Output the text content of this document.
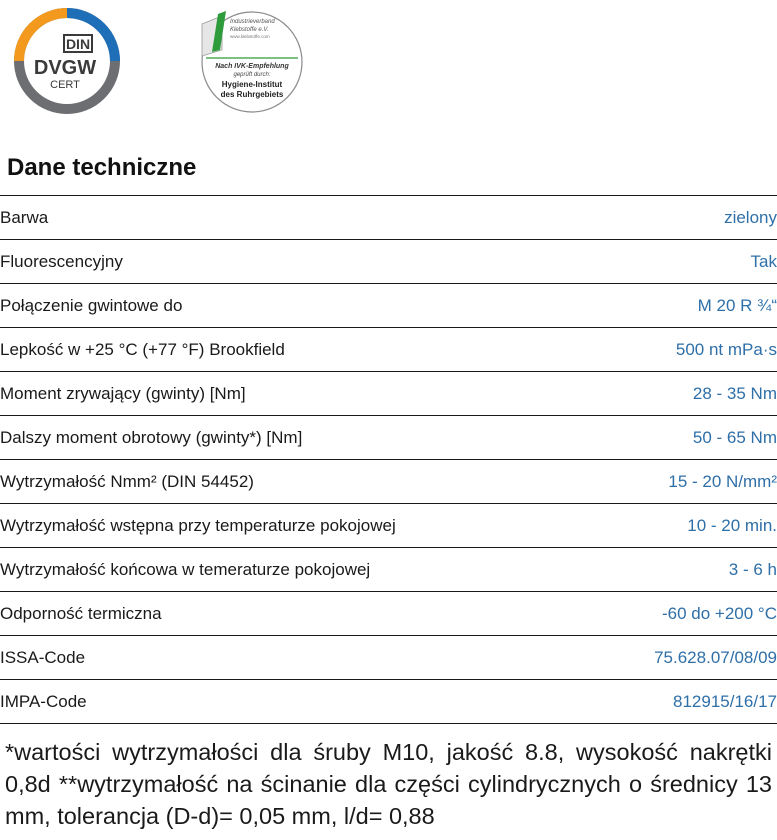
DIN
DVGW
CERT
Industrieverband
Klebstoffe e.V.
www.klebstoffe.com
Nach IVK-Empfehlung
geprüft durch:
Hygiene-Institut
des Ruhrgebiets
Dane techniczne
Barwa	zielony
Fluorescencyjny	Tak
Połączenie gwintowe do	M 20 R ¾“
Lepkość w +25 °C (+77 °F) Brookfield	500 nt mPa·s
Moment zrywający (gwinty) [Nm]	28 - 35 Nm
Dalszy moment obrotowy (gwinty*) [Nm]	50 - 65 Nm
Wytrzymałość Nmm² (DIN 54452)	15 - 20 N/mm²
Wytrzymałość wstępna przy temperaturze pokojowej	10 - 20 min.
Wytrzymałość końcowa w temeraturze pokojowej	3 - 6 h
Odporność termiczna	-60 do +200 °C
ISSA-Code	75.628.07/08/09
IMPA-Code	812915/16/17

*wartości wytrzymałości dla śruby M10, jakość 8.8, wysokość nakrętki 0,8d **wytrzymałość na ścinanie dla części cylindrycznych o średnicy 13 mm, tolerancja (D-d)= 0,05 mm, l/d= 0,88
